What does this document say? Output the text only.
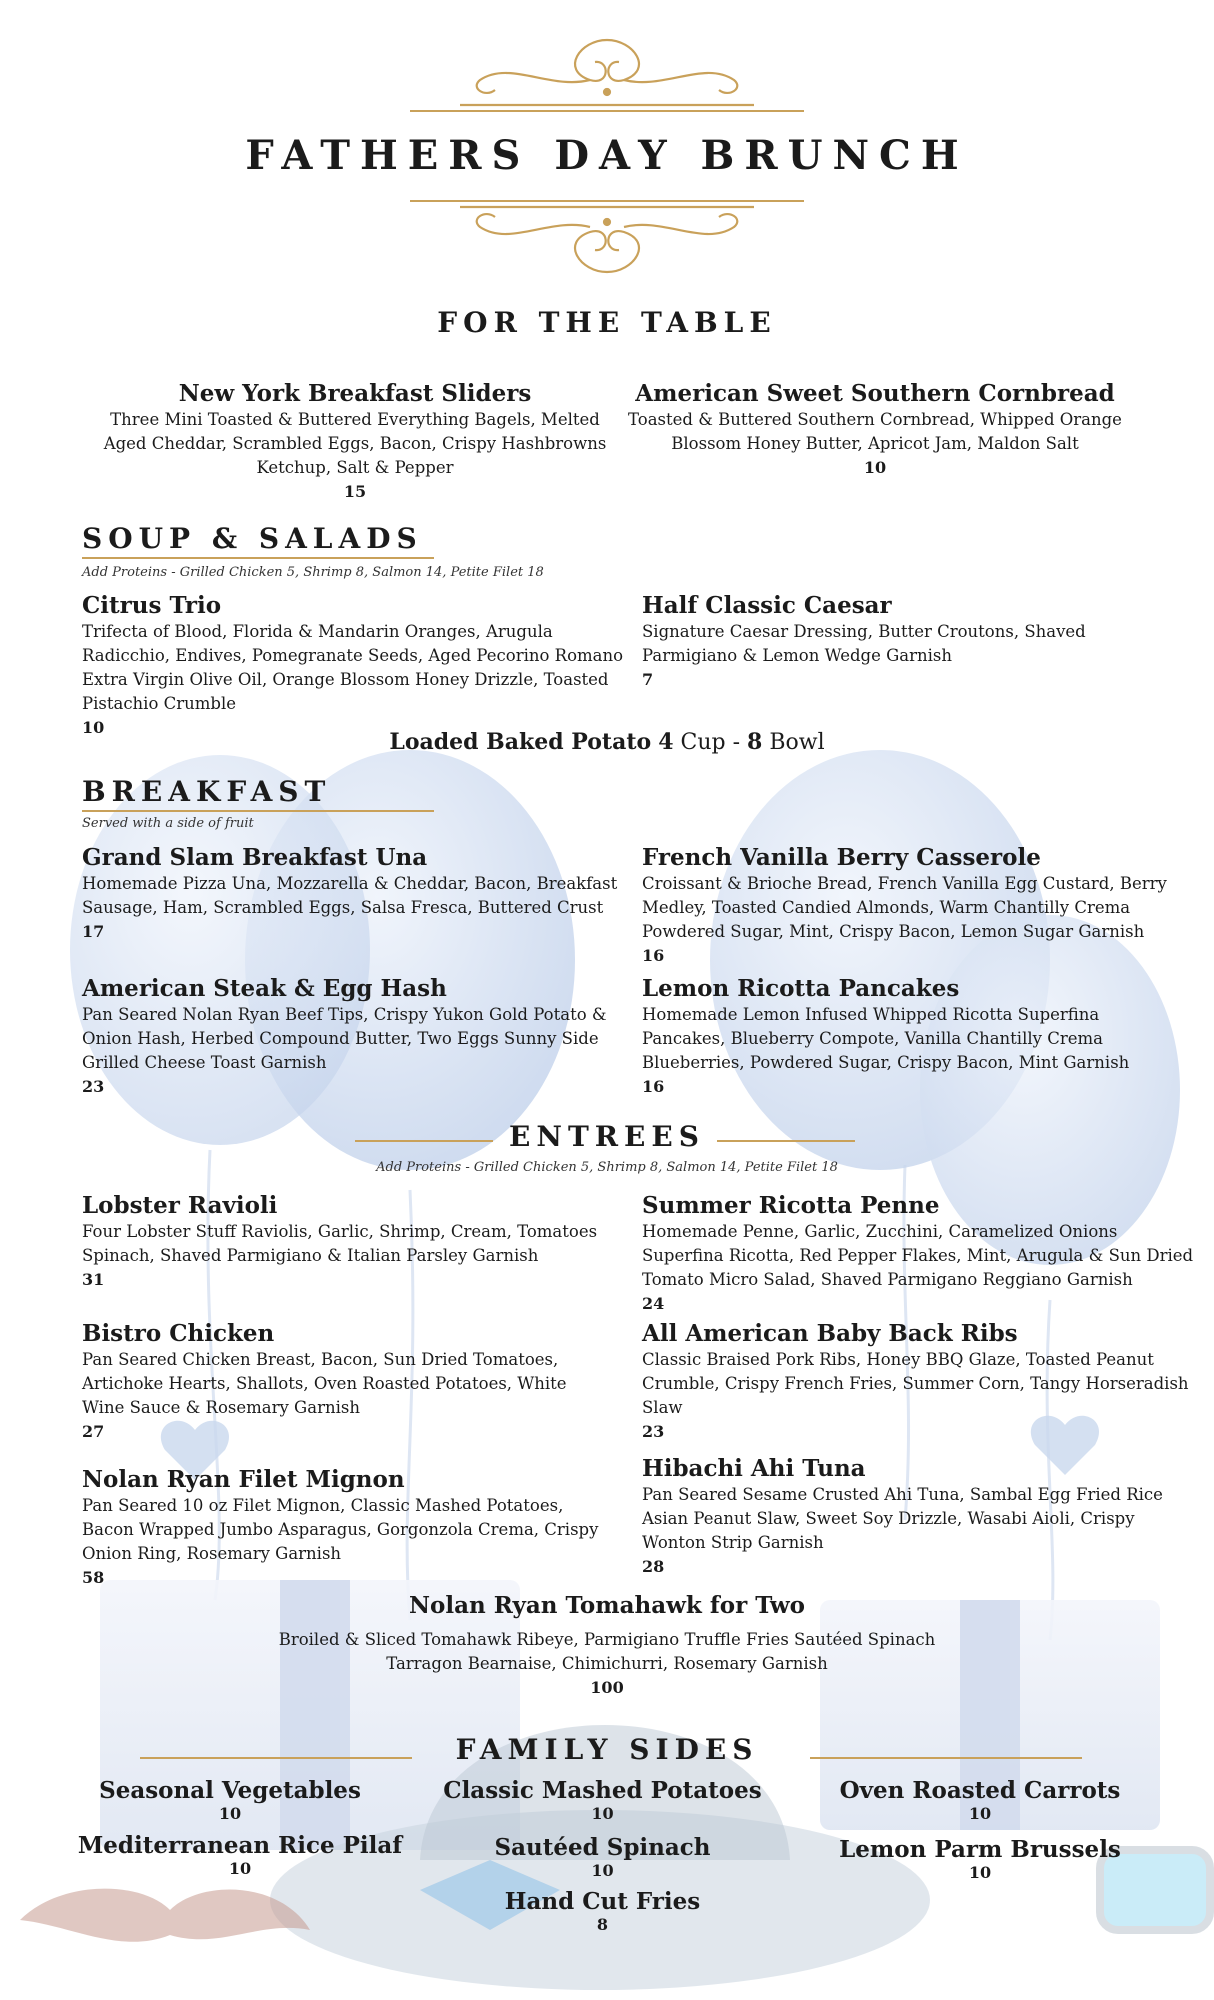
FATHERS DAY BRUNCH
FOR THE TABLE
New York Breakfast Sliders
Three Mini Toasted & Buttered Everything Bagels, Melted
Aged Cheddar, Scrambled Eggs, Bacon, Crispy Hashbrowns
Ketchup, Salt & Pepper
15
American Sweet Southern Cornbread
Toasted & Buttered Southern Cornbread, Whipped Orange
Blossom Honey Butter, Apricot Jam, Maldon Salt
10
SOUP & SALADS
Add Proteins - Grilled Chicken 5, Shrimp 8, Salmon 14, Petite Filet 18
Citrus Trio
Trifecta of Blood, Florida & Mandarin Oranges, Arugula
Radicchio, Endives, Pomegranate Seeds, Aged Pecorino Romano
Extra Virgin Olive Oil, Orange Blossom Honey Drizzle, Toasted
Pistachio Crumble
10
Half Classic Caesar
Signature Caesar Dressing, Butter Croutons, Shaved
Parmigiano & Lemon Wedge Garnish
7
Loaded Baked Potato 4 Cup - 8 Bowl
BREAKFAST
Served with a side of fruit
Grand Slam Breakfast Una
Homemade Pizza Una, Mozzarella & Cheddar, Bacon, Breakfast
Sausage, Ham, Scrambled Eggs, Salsa Fresca, Buttered Crust
17
French Vanilla Berry Casserole
Croissant & Brioche Bread, French Vanilla Egg Custard, Berry
Medley, Toasted Candied Almonds, Warm Chantilly Crema
Powdered Sugar, Mint, Crispy Bacon, Lemon Sugar Garnish
16
American Steak & Egg Hash
Pan Seared Nolan Ryan Beef Tips, Crispy Yukon Gold Potato &
Onion Hash, Herbed Compound Butter, Two Eggs Sunny Side
Grilled Cheese Toast Garnish
23
Lemon Ricotta Pancakes
Homemade Lemon Infused Whipped Ricotta Superfina
Pancakes, Blueberry Compote, Vanilla Chantilly Crema
Blueberries, Powdered Sugar, Crispy Bacon, Mint Garnish
16
ENTREES
Add Proteins - Grilled Chicken 5, Shrimp 8, Salmon 14, Petite Filet 18
Lobster Ravioli
Four Lobster Stuff Raviolis, Garlic, Shrimp, Cream, Tomatoes
Spinach, Shaved Parmigiano & Italian Parsley Garnish
31
Summer Ricotta Penne
Homemade Penne, Garlic, Zucchini, Caramelized Onions
Superfina Ricotta, Red Pepper Flakes, Mint, Arugula & Sun Dried
Tomato Micro Salad, Shaved Parmigano Reggiano Garnish
24
Bistro Chicken
Pan Seared Chicken Breast, Bacon, Sun Dried Tomatoes,
Artichoke Hearts, Shallots, Oven Roasted Potatoes, White
Wine Sauce & Rosemary Garnish
27
All American Baby Back Ribs
Classic Braised Pork Ribs, Honey BBQ Glaze, Toasted Peanut
Crumble, Crispy French Fries, Summer Corn, Tangy Horseradish
Slaw
23
Nolan Ryan Filet Mignon
Pan Seared 10 oz Filet Mignon, Classic Mashed Potatoes,
Bacon Wrapped Jumbo Asparagus, Gorgonzola Crema, Crispy
Onion Ring, Rosemary Garnish
58
Hibachi Ahi Tuna
Pan Seared Sesame Crusted Ahi Tuna, Sambal Egg Fried Rice
Asian Peanut Slaw, Sweet Soy Drizzle, Wasabi Aioli, Crispy
Wonton Strip Garnish
28
Nolan Ryan Tomahawk for Two
Broiled & Sliced Tomahawk Ribeye, Parmigiano Truffle Fries Sautéed Spinach
Tarragon Bearnaise, Chimichurri, Rosemary Garnish
100
FAMILY SIDES
Seasonal Vegetables
10
Classic Mashed Potatoes
10
Oven Roasted Carrots
10
Mediterranean Rice Pilaf
10
Sautéed Spinach
10
Lemon Parm Brussels
10
Hand Cut Fries
8
